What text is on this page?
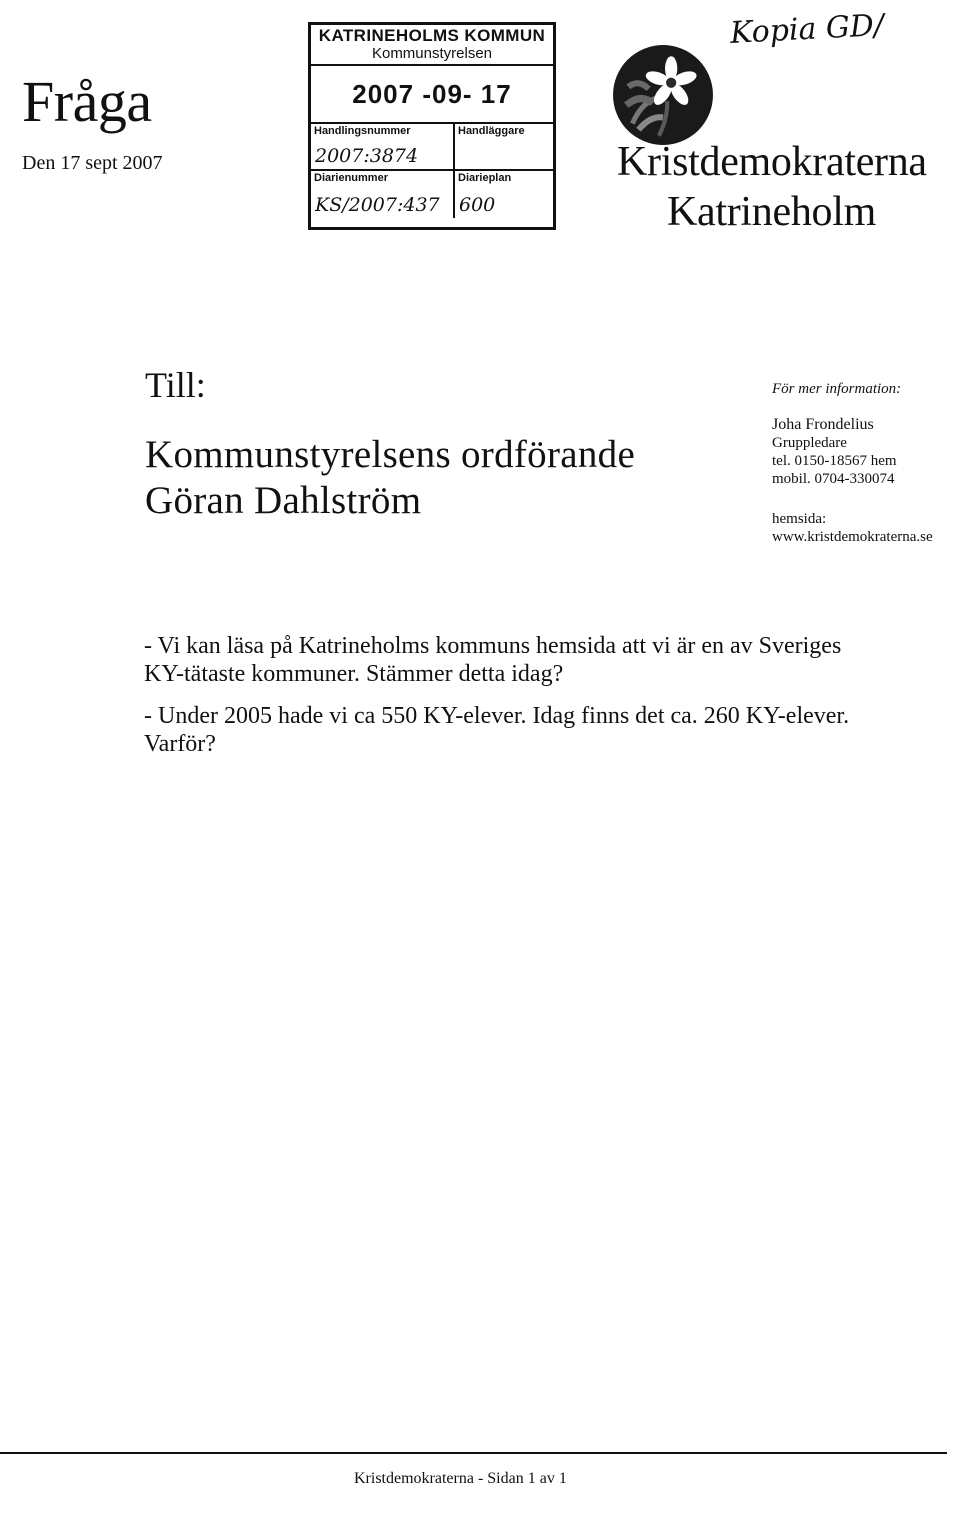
Fråga
Den 17 sept 2007
KATRINEHOLMS KOMMUN
Kommunstyrelsen
2007 -09- 17
Handlingsnummer
2007:3874
Handläggare
Diarienummer
KS/2007:437
Diarieplan
600
Kopia GD/
Kristdemokraterna
Katrineholm
Till:
Kommunstyrelsens ordförande
Göran Dahlström
För mer information:
Joha Frondelius
Gruppledare
tel. 0150-18567 hem
mobil. 0704-330074
hemsida:
www.kristdemokraterna.se
- Vi kan läsa på Katrineholms kommuns hemsida att vi är en av Sveriges KY-tätaste kommuner. Stämmer detta idag?
- Under 2005 hade vi ca 550 KY-elever. Idag finns det ca. 260 KY-elever. Varför?
Kristdemokraterna - Sidan 1 av 1
